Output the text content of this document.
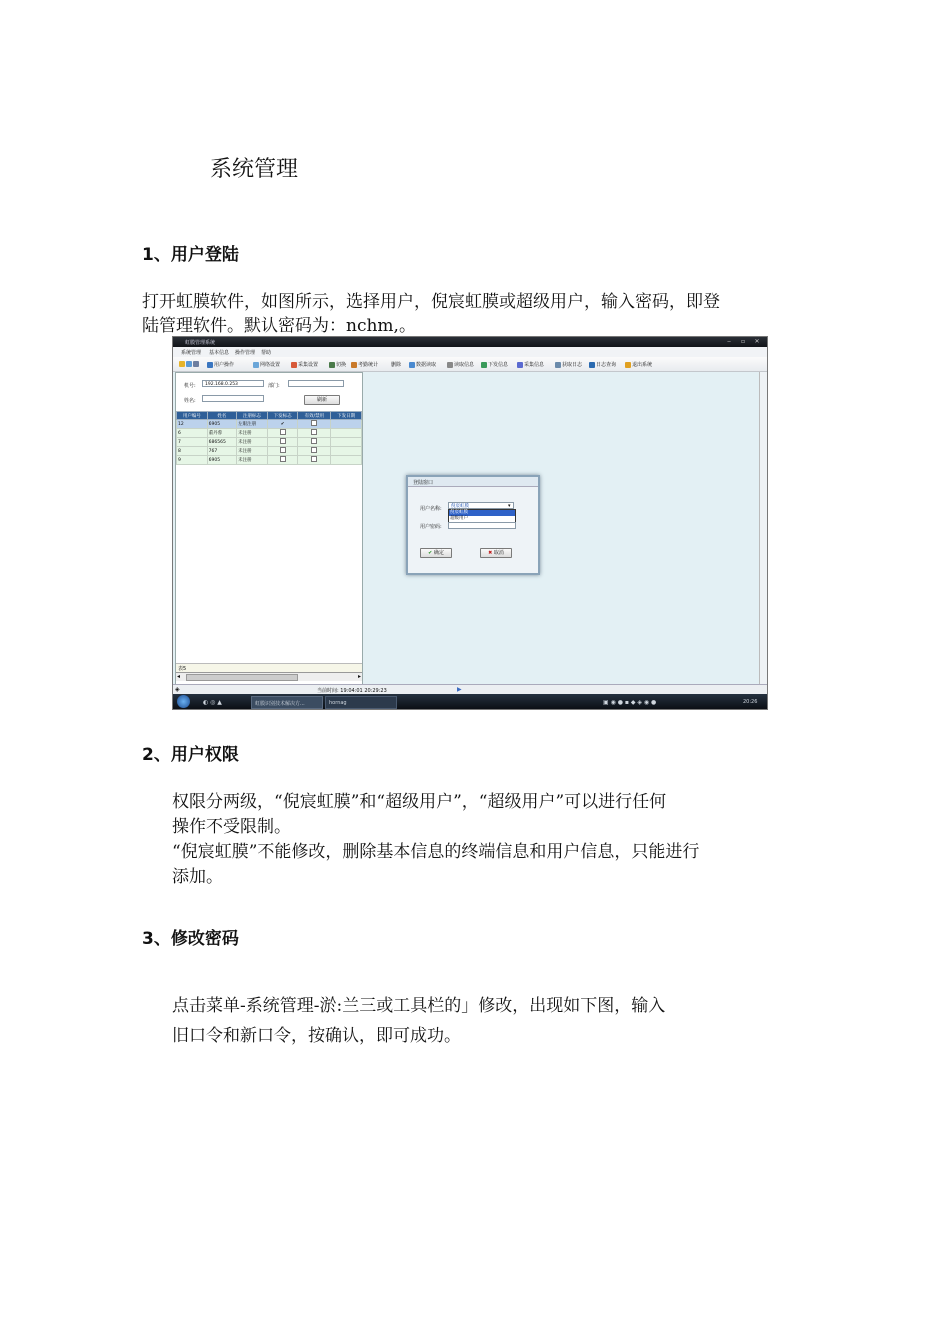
系统管理
1、用户登陆
打开虹膜软件，如图所示，选择用户，倪宸虹膜或超级用户，输入密码，即登
陆管理软件。默认密码为：nchm,。
虹膜管理系统	‒	▫	✕
系统管理 基本信息 操作管理 帮助
用户操作	网络设置	采集设置	切换	考勤统计	删除	数据读取	读取信息	下发信息	采集信息	获取日志	日志查询	退出系统
机号:	192.168.0.253	部门:
姓名:	刷新
用户编号	姓名	注册标志	下发标志	有效/禁用	下发日期
12	6905	左眼注册	✔		
6	董丹蓉	未注册			
7	686565	未注册			
8	767	未注册			
9	6905	未注册			
表5
◂	▸
登陆窗口
用户名称:	倪宸虹膜	▾
倪宸虹膜
超级用户
用户密码:
✔ 确定	✖ 取消
◈	当前时间: 19:04:01 20:29:23	▶
◐ ◎ ▲	虹膜识别技术解决方...	hornag	▣ ◉ ● ▪ ◆ ◈ ◉ ●	20:26
2、用户权限
权限分两级，“倪宸虹膜”和“超级用户”，“超级用户”可以进行任何
操作不受限制。
“倪宸虹膜”不能修改，删除基本信息的终端信息和用户信息，只能进行
添加。
3、修改密码
点击菜单-系统管理-淤:兰三或工具栏的」修改，出现如下图，输入
旧口令和新口令，按确认，即可成功。
